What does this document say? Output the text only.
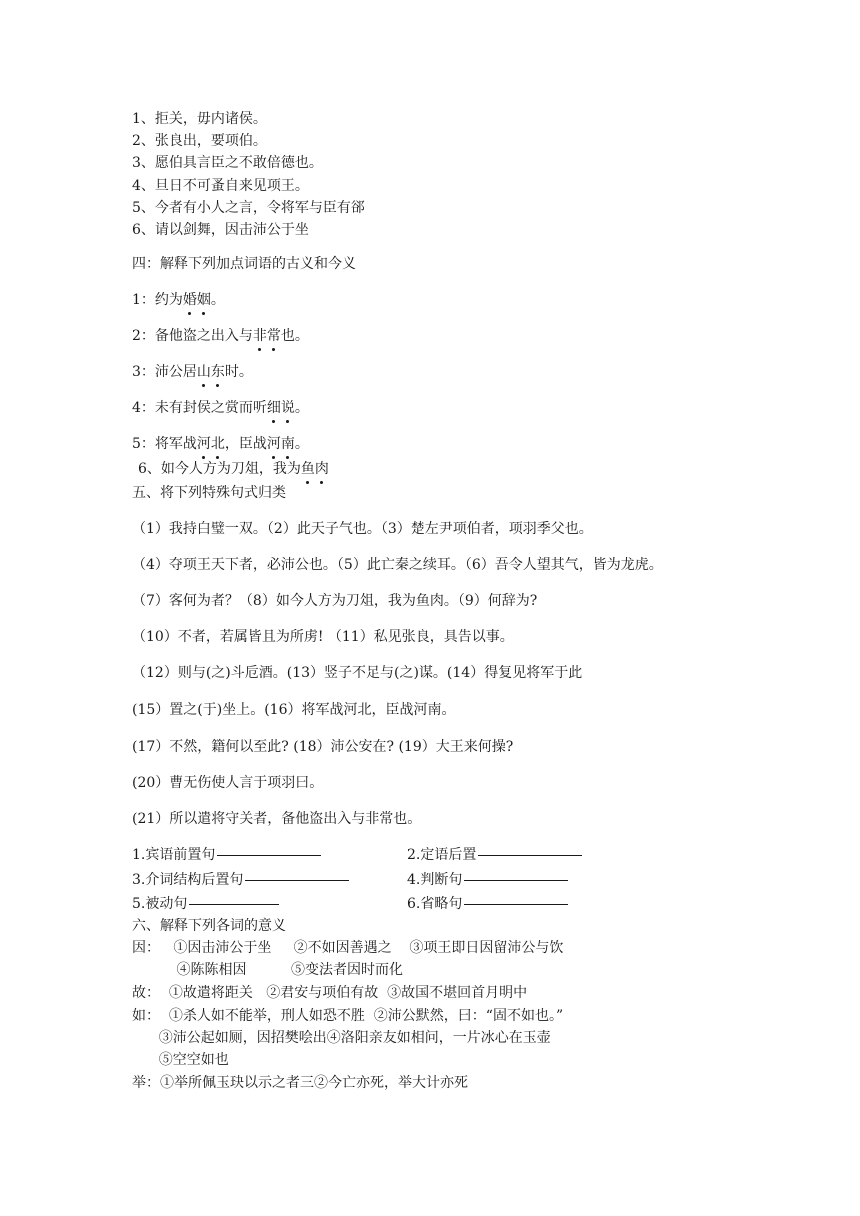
1、拒关，毋内诸侯。
2、张良出，要项伯。
3、愿伯具言臣之不敢倍德也。
4、旦日不可蚤自来见项王。
5、今者有小人之言，令将军与臣有郤
6、请以剑舞，因击沛公于坐
四：解释下列加点词语的古义和今义
1：约为婚姻。
2：备他盗之出入与非常也。
3：沛公居山东时。
4：未有封侯之赏而听细说。
5：将军战河北，臣战河南。
6、如今人方为刀俎，我为鱼肉
五、将下列特殊句式归类
（1）我持白璧一双。（2）此天子气也。（3）楚左尹项伯者，项羽季父也。
（4）夺项王天下者，必沛公也。（5）此亡秦之续耳。（6）吾令人望其气，皆为龙虎。
（7）客何为者？（8）如今人方为刀俎，我为鱼肉。（9）何辞为?
（10）不者，若属皆且为所虏! （11）私见张良，具告以事。
（12）则与(之)斗卮酒。(13）竖子不足与(之)谋。(14）得复见将军于此
(15）置之(于)坐上。(16）将军战河北，臣战河南。
(17）不然，籍何以至此? (18）沛公安在? (19）大王来何操?
(20）曹无伤使人言于项羽曰。
(21）所以遣将守关者，备他盗出入与非常也。
1.宾语前置句	2.定语后置
3.介词结构后置句	4.判断句
5.被动句	6.省略句
六、解释下列各词的意义
因：   ①因击沛公于坐     ②不如因善遇之    ③项王即日因留沛公与饮
④陈陈相因          ⑤变法者因时而化
故：  ①故遣将距关   ②君安与项伯有故  ③故国不堪回首月明中
如：  ①杀人如不能举，刑人如恐不胜  ②沛公默然，曰：“固不如也。”
③沛公起如厕，因招樊哙出④洛阳亲友如相问，一片冰心在玉壶
⑤空空如也
举：①举所佩玉玦以示之者三②今亡亦死，举大计亦死
